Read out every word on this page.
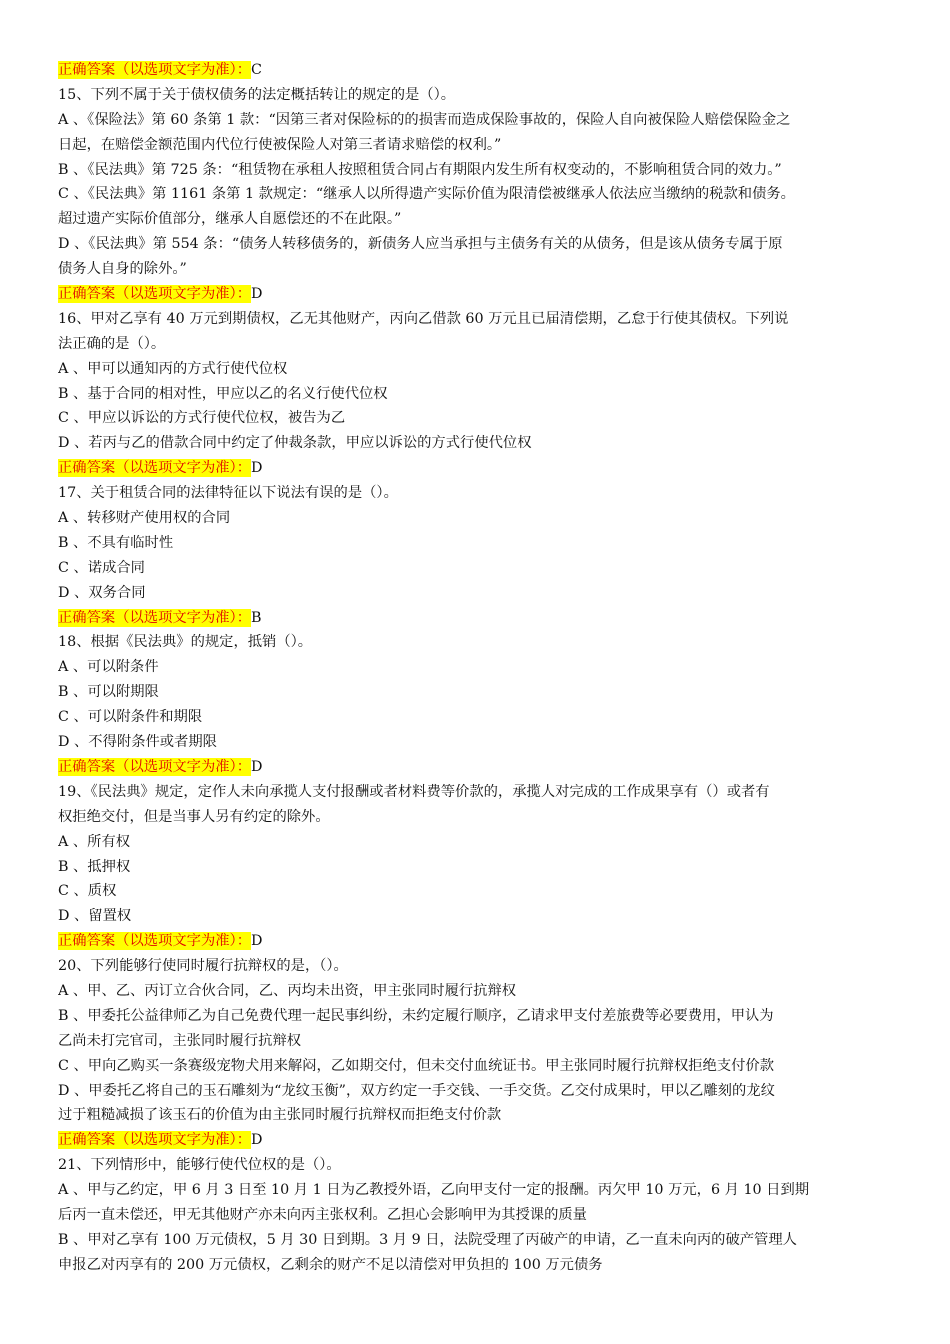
正确答案（以选项文字为准）：C
15、下列不属于关于债权债务的法定概括转让的规定的是（）。
A 、《保险法》第 60 条第 1 款：“因第三者对保险标的的损害而造成保险事故的，保险人自向被保险人赔偿保险金之
日起，在赔偿金额范围内代位行使被保险人对第三者请求赔偿的权利。”
B 、《民法典》第 725 条：“租赁物在承租人按照租赁合同占有期限内发生所有权变动的，不影响租赁合同的效力。”
C 、《民法典》第 1161 条第 1 款规定：“继承人以所得遗产实际价值为限清偿被继承人依法应当缴纳的税款和债务。
超过遗产实际价值部分，继承人自愿偿还的不在此限。”
D 、《民法典》第 554 条：“债务人转移债务的，新债务人应当承担与主债务有关的从债务，但是该从债务专属于原
债务人自身的除外。”
正确答案（以选项文字为准）：D
16、甲对乙享有 40 万元到期债权，乙无其他财产，丙向乙借款 60 万元且已届清偿期，乙怠于行使其债权。下列说
法正确的是（）。
A 、甲可以通知丙的方式行使代位权
B 、基于合同的相对性，甲应以乙的名义行使代位权
C 、甲应以诉讼的方式行使代位权，被告为乙
D 、若丙与乙的借款合同中约定了仲裁条款，甲应以诉讼的方式行使代位权
正确答案（以选项文字为准）：D
17、关于租赁合同的法律特征以下说法有误的是（）。
A 、转移财产使用权的合同
B 、不具有临时性
C 、诺成合同
D 、双务合同
正确答案（以选项文字为准）：B
18、根据《民法典》的规定，抵销（）。
A 、可以附条件
B 、可以附期限
C 、可以附条件和期限
D 、不得附条件或者期限
正确答案（以选项文字为准）：D
19、《民法典》规定，定作人未向承揽人支付报酬或者材料费等价款的，承揽人对完成的工作成果享有（）或者有
权拒绝交付，但是当事人另有约定的除外。
A 、所有权
B 、抵押权
C 、质权
D 、留置权
正确答案（以选项文字为准）：D
20、下列能够行使同时履行抗辩权的是，（）。
A 、甲、乙、丙订立合伙合同，乙、丙均未出资，甲主张同时履行抗辩权
B 、甲委托公益律师乙为自己免费代理一起民事纠纷，未约定履行顺序，乙请求甲支付差旅费等必要费用，甲认为
乙尚未打完官司，主张同时履行抗辩权
C 、甲向乙购买一条赛级宠物犬用来解闷，乙如期交付，但未交付血统证书。甲主张同时履行抗辩权拒绝支付价款
D 、甲委托乙将自己的玉石雕刻为“龙纹玉衡”，双方约定一手交钱、一手交货。乙交付成果时，甲以乙雕刻的龙纹
过于粗糙减损了该玉石的价值为由主张同时履行抗辩权而拒绝支付价款
正确答案（以选项文字为准）：D
21、下列情形中，能够行使代位权的是（）。
A 、甲与乙约定，甲 6 月 3 日至 10 月 1 日为乙教授外语，乙向甲支付一定的报酬。丙欠甲 10 万元，6 月 10 日到期
后丙一直未偿还，甲无其他财产亦未向丙主张权利。乙担心会影响甲为其授课的质量
B 、甲对乙享有 100 万元债权，5 月 30 日到期。3 月 9 日，法院受理了丙破产的申请，乙一直未向丙的破产管理人
申报乙对丙享有的 200 万元债权，乙剩余的财产不足以清偿对甲负担的 100 万元债务
